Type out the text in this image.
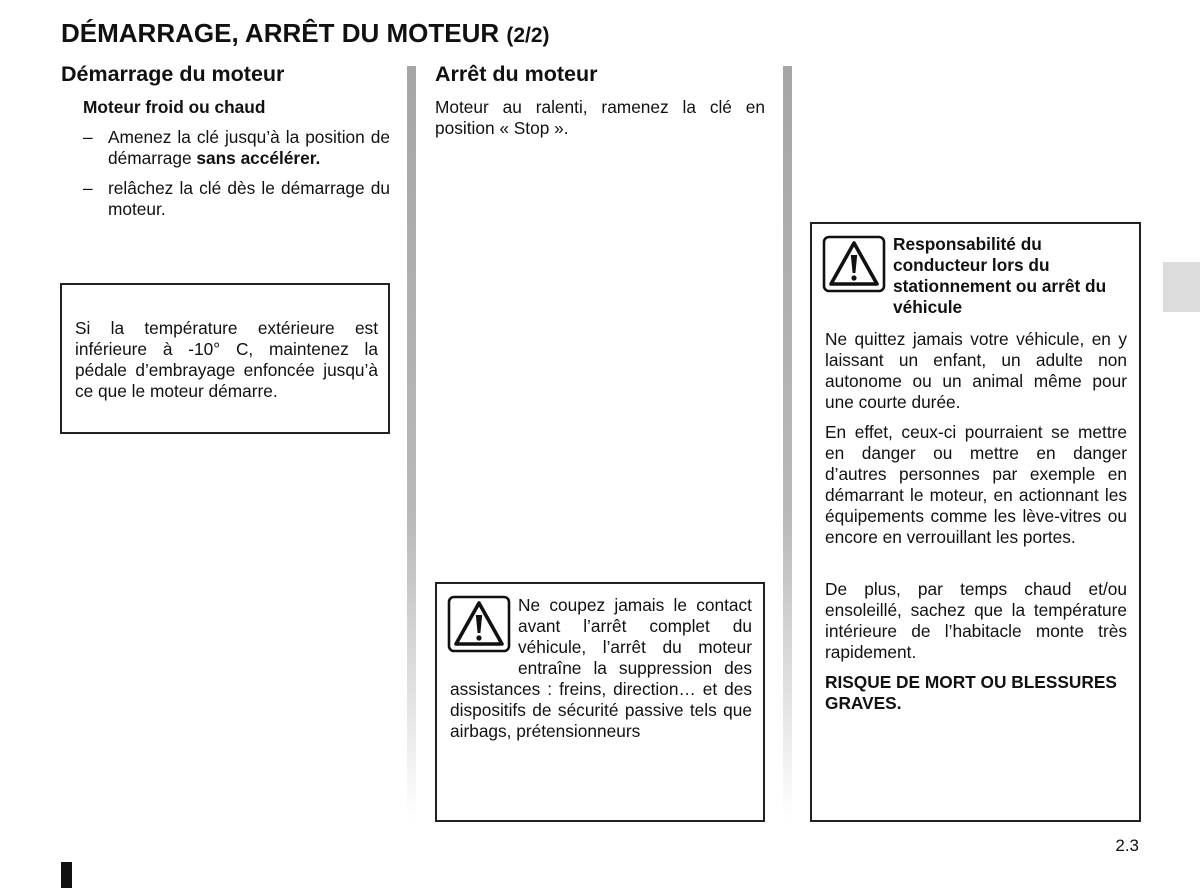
DÉMARRAGE, ARRÊT DU MOTEUR (2/2)
Démarrage du moteur
Moteur froid ou chaud
– Amenez la clé jusqu’à la position de démarrage sans accélérer.
– relâchez la clé dès le démarrage du moteur.
Si la température extérieure est inférieure à -10° C, maintenez la pédale d’embrayage enfoncée jusqu’à ce que le moteur démarre.
Arrêt du moteur
Moteur au ralenti, ramenez la clé en position « Stop ».
Ne coupez jamais le contact avant l’arrêt complet du véhicule, l’arrêt du moteur entraîne la suppression des assistances : freins, direction… et des dispositifs de sécurité passive tels que airbags, prétensionneurs
Responsabilité du conducteur lors du stationnement ou arrêt du véhicule
Ne quittez jamais votre véhicule, en y laissant un enfant, un adulte non autonome ou un animal même pour une courte durée.
En effet, ceux-ci pourraient se mettre en danger ou mettre en danger d’autres personnes par exemple en démarrant le moteur, en actionnant les équipements comme les lève-vitres ou encore en verrouillant les portes.
De plus, par temps chaud et/ou ensoleillé, sachez que la température intérieure de l’habitacle monte très rapidement.
RISQUE DE MORT OU BLESSURES GRAVES.
2.3
